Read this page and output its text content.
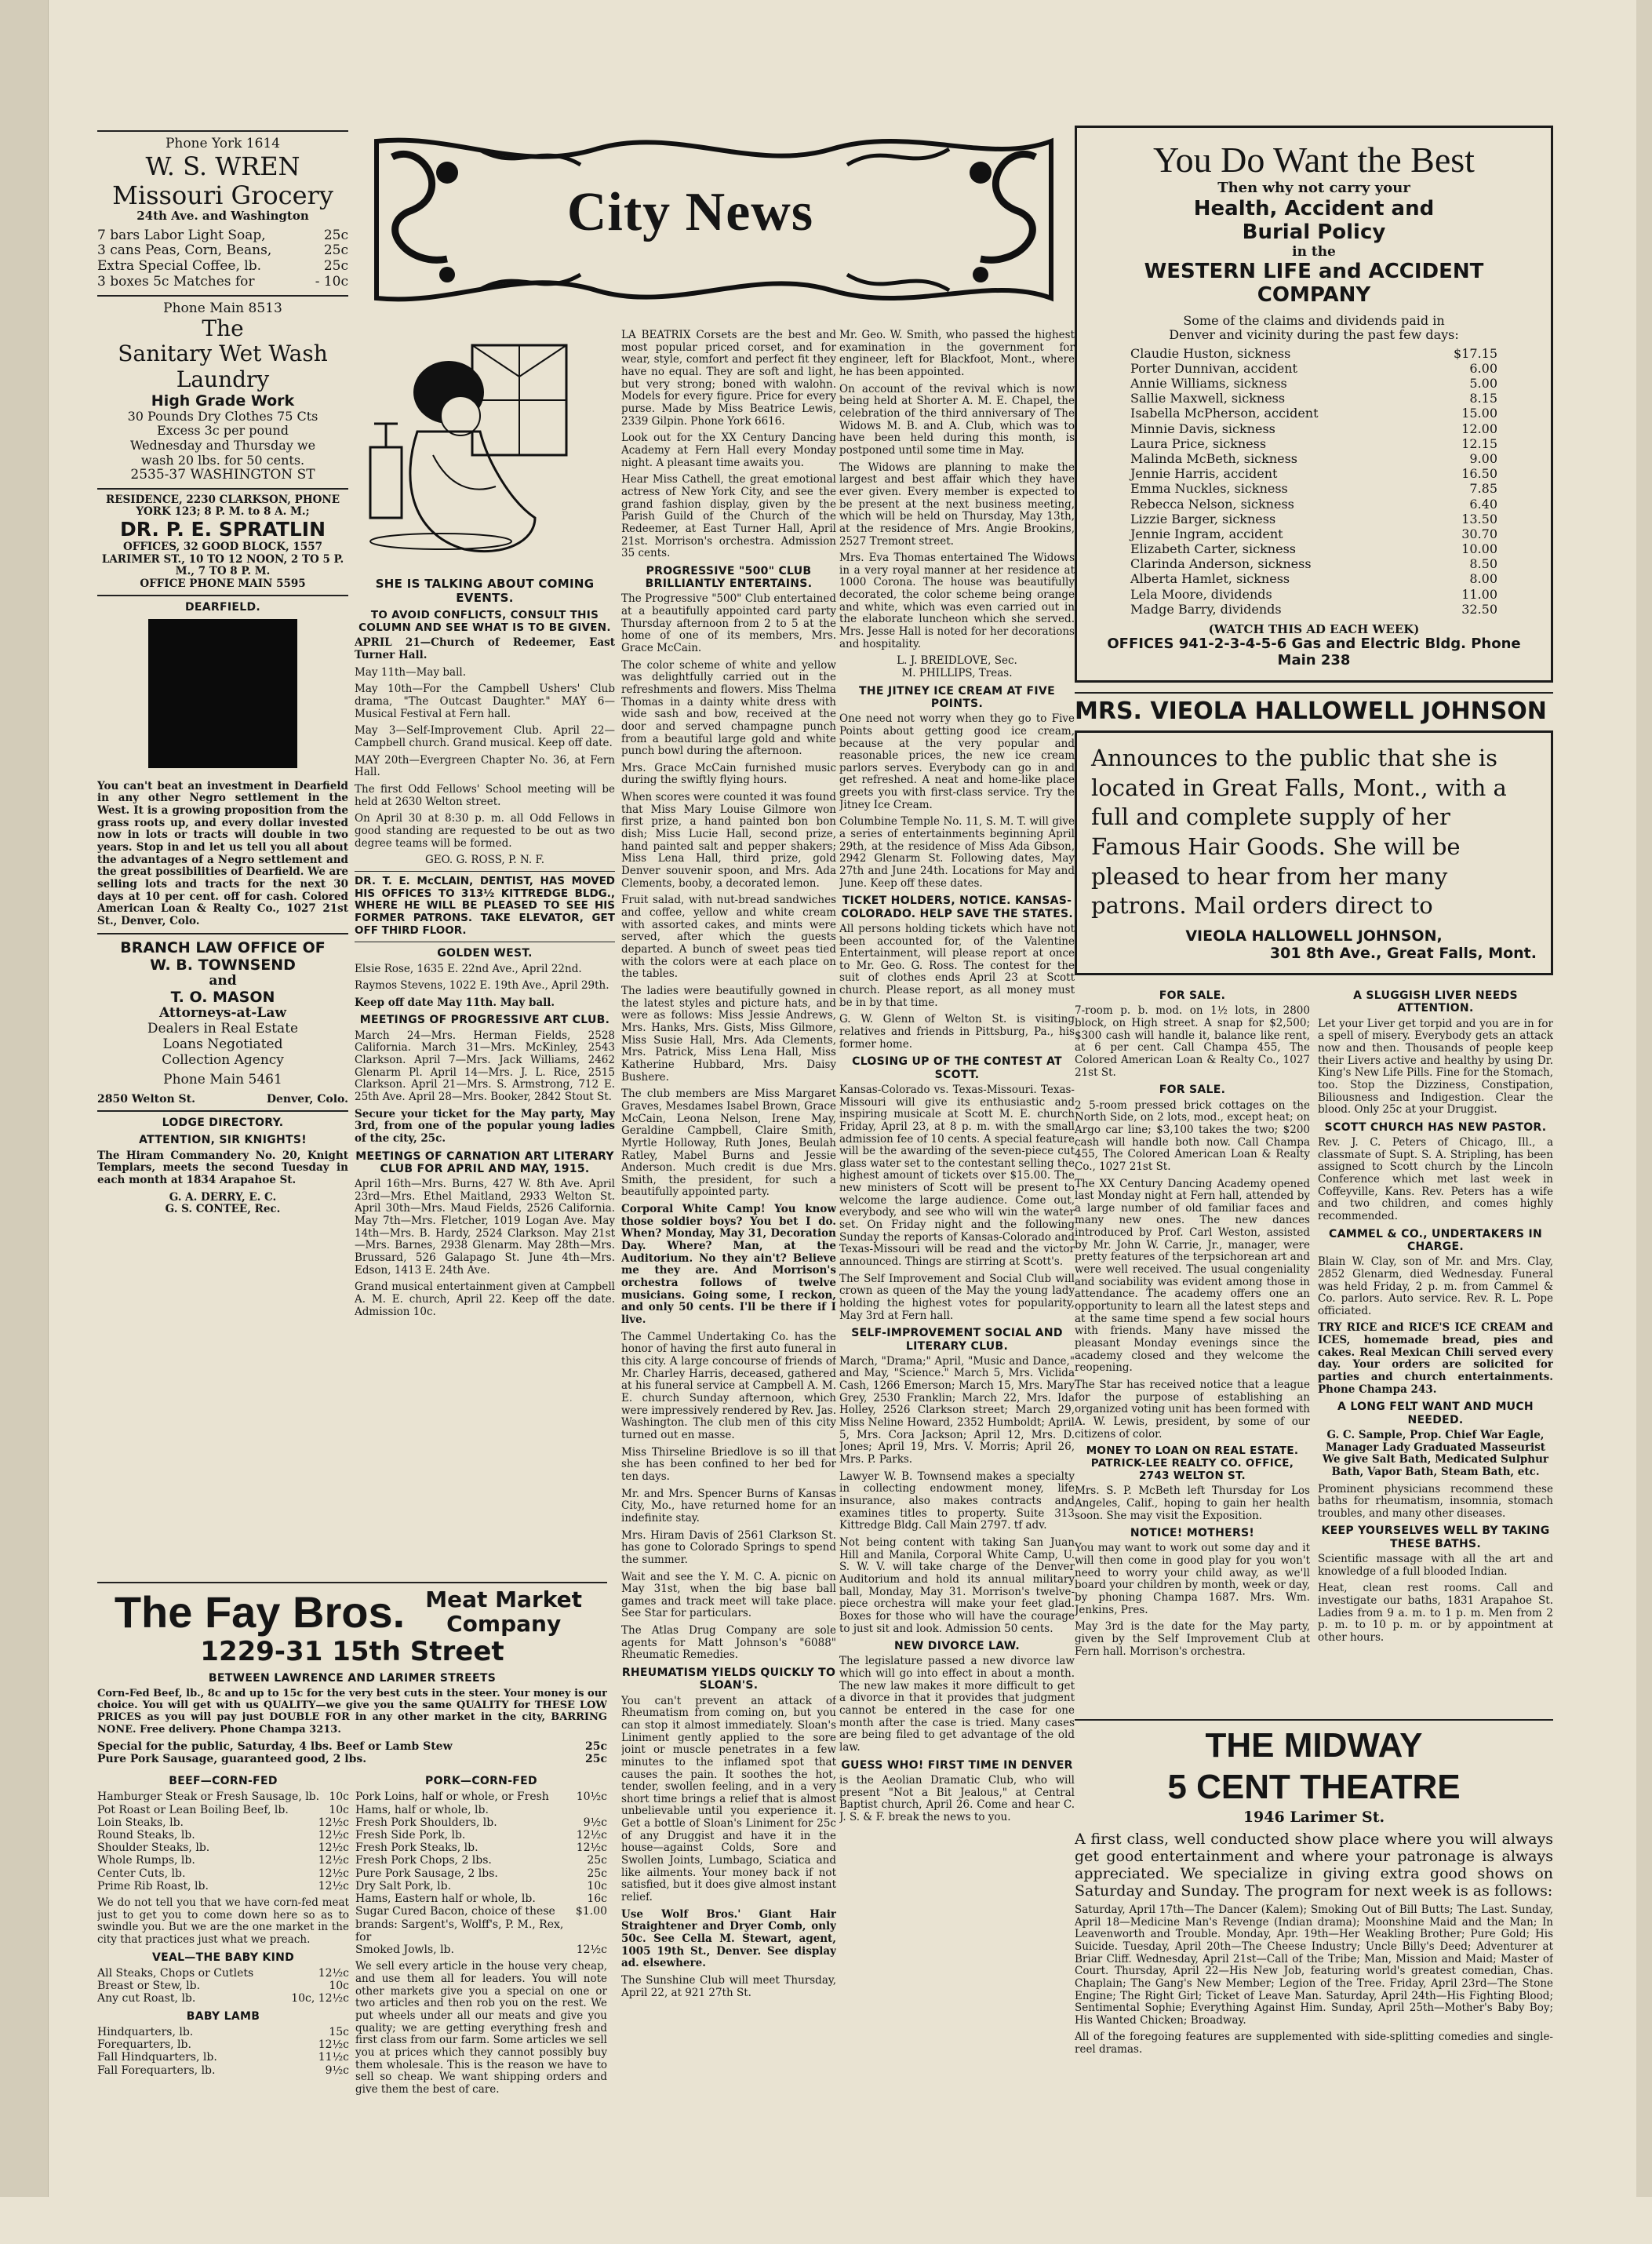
City News
Phone York 1614
W. S. WREN
Missouri Grocery
24th Ave. and Washington
7 bars Labor Light Soap,	25c
3 cans Peas, Corn, Beans,	25c
Extra Special Coffee, lb.	25c
3 boxes 5c Matches for	- 10c
Phone Main 8513
The
Sanitary Wet Wash
Laundry
High Grade Work
30 Pounds Dry Clothes 75 Cts
Excess 3c per pound
Wednesday and Thursday we
wash 20 lbs. for 50 cents.
2535-37 WASHINGTON ST
RESIDENCE, 2230 CLARKSON, PHONE YORK 123; 8 P. M. to 8 A. M.;
DR. P. E. SPRATLIN
OFFICES, 32 GOOD BLOCK, 1557 LARIMER ST., 10 TO 12 NOON, 2 TO 5 P. M., 7 TO 8 P. M.
OFFICE PHONE MAIN 5595
DEARFIELD.
You can't beat an investment in Dearfield in any other Negro settlement in the West. It is a growing proposition from the grass roots up, and every dollar invested now in lots or tracts will double in two years. Stop in and let us tell you all about the advantages of a Negro settlement and the great possibilities of Dearfield. We are selling lots and tracts for the next 30 days at 10 per cent. off for cash. Colored American Loan & Realty Co., 1027 21st St., Denver, Colo.
BRANCH LAW OFFICE OF
W. B. TOWNSEND
and
T. O. MASON
Attorneys-at-Law
Dealers in Real Estate
Loans Negotiated
Collection Agency
Phone Main 5461
2850 Welton St.	Denver, Colo.
LODGE DIRECTORY.
ATTENTION, SIR KNIGHTS!
The Hiram Commandery No. 20, Knight Templars, meets the second Tuesday in each month at 1834 Arapahoe St.
G. A. DERRY, E. C.
G. S. CONTEE, Rec.
SHE IS TALKING ABOUT COMING EVENTS.
TO AVOID CONFLICTS, CONSULT THIS COLUMN AND SEE WHAT IS TO BE GIVEN.
APRIL 21—Church of Redeemer, East Turner Hall.
May 11th—May ball.
May 10th—For the Campbell Ushers' Club drama, "The Outcast Daughter." MAY 6—Musical Festival at Fern hall.
May 3—Self-Improvement Club. April 22—Campbell church. Grand musical. Keep off date.
MAY 20th—Evergreen Chapter No. 36, at Fern Hall.
The first Odd Fellows' School meeting will be held at 2630 Welton street.
On April 30 at 8:30 p. m. all Odd Fellows in good standing are requested to be out as two degree teams will be formed.
GEO. G. ROSS, P. N. F.
DR. T. E. McCLAIN, DENTIST, HAS MOVED HIS OFFICES TO 313½ KITTREDGE BLDG., WHERE HE WILL BE PLEASED TO SEE HIS FORMER PATRONS. TAKE ELEVATOR, GET OFF THIRD FLOOR.
GOLDEN WEST.
Elsie Rose, 1635 E. 22nd Ave., April 22nd.
Raymos Stevens, 1022 E. 19th Ave., April 29th.
Keep off date May 11th. May ball.
MEETINGS OF PROGRESSIVE ART CLUB.
March 24—Mrs. Herman Fields, 2528 California. March 31—Mrs. McKinley, 2543 Clarkson. April 7—Mrs. Jack Williams, 2462 Glenarm Pl. April 14—Mrs. J. L. Rice, 2515 Clarkson. April 21—Mrs. S. Armstrong, 712 E. 25th Ave. April 28—Mrs. Booker, 2842 Stout St.
Secure your ticket for the May party, May 3rd, from one of the popular young ladies of the city, 25c.
MEETINGS OF CARNATION ART LITERARY CLUB FOR APRIL AND MAY, 1915.
April 16th—Mrs. Burns, 427 W. 8th Ave. April 23rd—Mrs. Ethel Maitland, 2933 Welton St. April 30th—Mrs. Maud Fields, 2526 California. May 7th—Mrs. Fletcher, 1019 Logan Ave. May 14th—Mrs. B. Hardy, 2524 Clarkson. May 21st—Mrs. Barnes, 2938 Glenarm. May 28th—Mrs. Brussard, 526 Galapago St. June 4th—Mrs. Edson, 1413 E. 24th Ave.
Grand musical entertainment given at Campbell A. M. E. church, April 22. Keep off the date. Admission 10c.
LA BEATRIX Corsets are the best and most popular priced corset, and for wear, style, comfort and perfect fit they have no equal. They are soft and light, but very strong; boned with walohn. Models for every figure. Price for every purse. Made by Miss Beatrice Lewis, 2339 Gilpin. Phone York 6616.
Look out for the XX Century Dancing Academy at Fern Hall every Monday night. A pleasant time awaits you.
Hear Miss Cathell, the great emotional actress of New York City, and see the grand fashion display, given by the Parish Guild of the Church of the Redeemer, at East Turner Hall, April 21st. Morrison's orchestra. Admission 35 cents.
PROGRESSIVE "500" CLUB BRILLIANTLY ENTERTAINS.
The Progressive "500" Club entertained at a beautifully appointed card party Thursday afternoon from 2 to 5 at the home of one of its members, Mrs. Grace McCain.
The color scheme of white and yellow was delightfully carried out in the refreshments and flowers. Miss Thelma Thomas in a dainty white dress with wide sash and bow, received at the door and served champagne punch from a beautiful large gold and white punch bowl during the afternoon.
Mrs. Grace McCain furnished music during the swiftly flying hours.
When scores were counted it was found that Miss Mary Louise Gilmore won first prize, a hand painted bon bon dish; Miss Lucie Hall, second prize, hand painted salt and pepper shakers; Miss Lena Hall, third prize, gold Denver souvenir spoon, and Mrs. Ada Clements, booby, a decorated lemon.
Fruit salad, with nut-bread sandwiches and coffee, yellow and white cream with assorted cakes, and mints were served, after which the guests departed. A bunch of sweet peas tied with the colors were at each place on the tables.
The ladies were beautifully gowned in the latest styles and picture hats, and were as follows: Miss Jessie Andrews, Mrs. Hanks, Mrs. Gists, Miss Gilmore, Miss Susie Hall, Mrs. Ada Clements, Mrs. Patrick, Miss Lena Hall, Miss Katherine Hubbard, Mrs. Daisy Bushere.
The club members are Miss Margaret Graves, Mesdames Isabel Brown, Grace McCain, Leona Nelson, Irene May, Geraldine Campbell, Claire Smith, Myrtle Holloway, Ruth Jones, Beulah Ratley, Mabel Burns and Jessie Anderson. Much credit is due Mrs. Smith, the president, for such a beautifully appointed party.
Corporal White Camp! You know those soldier boys? You bet I do. When? Monday, May 31, Decoration Day. Where? Man, at the Auditorium. No they ain't? Believe me they are. And Morrison's orchestra follows of twelve musicians. Going some, I reckon, and only 50 cents. I'll be there if I live.
The Cammel Undertaking Co. has the honor of having the first auto funeral in this city. A large concourse of friends of Mr. Charley Harris, deceased, gathered at his funeral service at Campbell A. M. E. church Sunday afternoon, which were impressively rendered by Rev. Jas. Washington. The club men of this city turned out en masse.
Miss Thirseline Briedlove is so ill that she has been confined to her bed for ten days.
Mr. and Mrs. Spencer Burns of Kansas City, Mo., have returned home for an indefinite stay.
Mrs. Hiram Davis of 2561 Clarkson St. has gone to Colorado Springs to spend the summer.
Wait and see the Y. M. C. A. picnic on May 31st, when the big base ball games and track meet will take place. See Star for particulars.
The Atlas Drug Company are sole agents for Matt Johnson's "6088" Rheumatic Remedies.
RHEUMATISM YIELDS QUICKLY TO SLOAN'S.
You can't prevent an attack of Rheumatism from coming on, but you can stop it almost immediately. Sloan's Liniment gently applied to the sore joint or muscle penetrates in a few minutes to the inflamed spot that causes the pain. It soothes the hot, tender, swollen feeling, and in a very short time brings a relief that is almost unbelievable until you experience it. Get a bottle of Sloan's Liniment for 25c of any Druggist and have it in the house—against Colds, Sore and Swollen Joints, Lumbago, Sciatica and like ailments. Your money back if not satisfied, but it does give almost instant relief.
Use Wolf Bros.' Giant Hair Straightener and Dryer Comb, only 50c. See Cella M. Stewart, agent, 1005 19th St., Denver. See display ad. elsewhere.
The Sunshine Club will meet Thursday, April 22, at 921 27th St.
Mr. Geo. W. Smith, who passed the highest examination in the government for engineer, left for Blackfoot, Mont., where he has been appointed.
On account of the revival which is now being held at Shorter A. M. E. Chapel, the celebration of the third anniversary of The Widows M. B. and A. Club, which was to have been held during this month, is postponed until some time in May.
The Widows are planning to make the largest and best affair which they have ever given. Every member is expected to be present at the next business meeting, which will be held on Thursday, May 13th, at the residence of Mrs. Angie Brookins, 2527 Tremont street.
Mrs. Eva Thomas entertained The Widows in a very royal manner at her residence at 1000 Corona. The house was beautifully decorated, the color scheme being orange and white, which was even carried out in the elaborate luncheon which she served. Mrs. Jesse Hall is noted for her decorations and hospitality.
L. J. BREIDLOVE, Sec.
M. PHILLIPS, Treas.
THE JITNEY ICE CREAM AT FIVE POINTS.
One need not worry when they go to Five Points about getting good ice cream, because at the very popular and reasonable prices, the new ice cream parlors serves. Everybody can go in and get refreshed. A neat and home-like place greets you with first-class service. Try the Jitney Ice Cream.
Columbine Temple No. 11, S. M. T. will give a series of entertainments beginning April 29th, at the residence of Miss Ada Gibson, 2942 Glenarm St. Following dates, May 27th and June 24th. Locations for May and June. Keep off these dates.
TICKET HOLDERS, NOTICE. KANSAS-COLORADO. HELP SAVE THE STATES.
All persons holding tickets which have not been accounted for, of the Valentine Entertainment, will please report at once to Mr. Geo. G. Ross. The contest for the suit of clothes ends April 23 at Scott church. Please report, as all money must be in by that time.
G. W. Glenn of Welton St. is visiting relatives and friends in Pittsburg, Pa., his former home.
CLOSING UP OF THE CONTEST AT SCOTT.
Kansas-Colorado vs. Texas-Missouri. Texas-Missouri will give its enthusiastic and inspiring musicale at Scott M. E. church Friday, April 23, at 8 p. m. with the small admission fee of 10 cents. A special feature will be the awarding of the seven-piece cut glass water set to the contestant selling the highest amount of tickets over $15.00. The new ministers of Scott will be present to welcome the large audience. Come out, everybody, and see who will win the water set. On Friday night and the following Sunday the reports of Kansas-Colorado and Texas-Missouri will be read and the victor announced. Things are stirring at Scott's.
The Self Improvement and Social Club will crown as queen of the May the young lady holding the highest votes for popularity, May 3rd at Fern hall.
SELF-IMPROVEMENT SOCIAL AND LITERARY CLUB.
March, "Drama;" April, "Music and Dance," and May, "Science." March 5, Mrs. Viclida Cash, 1266 Emerson; March 15, Mrs. Mary Grey, 2530 Franklin; March 22, Mrs. Ida Holley, 2526 Clarkson street; March 29, Miss Neline Howard, 2352 Humboldt; April 5, Mrs. Cora Jackson; April 12, Mrs. D. Jones; April 19, Mrs. V. Morris; April 26, Mrs. P. Parks.
Lawyer W. B. Townsend makes a specialty in collecting endowment money, life insurance, also makes contracts and examines titles to property. Suite 313 Kittredge Bldg. Call Main 2797. tf adv.
Not being content with taking San Juan Hill and Manila, Corporal White Camp, U. S. W. V. will take charge of the Denver Auditorium and hold its annual military ball, Monday, May 31. Morrison's twelve-piece orchestra will make your feet glad. Boxes for those who will have the courage to just sit and look. Admission 50 cents.
NEW DIVORCE LAW.
The legislature passed a new divorce law which will go into effect in about a month. The new law makes it more difficult to get a divorce in that it provides that judgment cannot be entered in the case for one month after the case is tried. Many cases are being filed to get advantage of the old law.
GUESS WHO! FIRST TIME IN DENVER
is the Aeolian Dramatic Club, who will present "Not a Bit Jealous," at Central Baptist church, April 26. Come and hear C. J. S. & F. break the news to you.
You Do Want the Best
Then why not carry your
Health, Accident and
Burial Policy
in the
WESTERN LIFE and ACCIDENT COMPANY
Some of the claims and dividends paid in Denver and vicinity during the past few days:
Claudie Huston, sickness	$17.15
Porter Dunnivan, accident	6.00
Annie Williams, sickness	5.00
Sallie Maxwell, sickness	8.15
Isabella McPherson, accident	15.00
Minnie Davis, sickness	12.00
Laura Price, sickness	12.15
Malinda McBeth, sickness	9.00
Jennie Harris, accident	16.50
Emma Nuckles, sickness	7.85
Rebecca Nelson, sickness	6.40
Lizzie Barger, sickness	13.50
Jennie Ingram, accident	30.70
Elizabeth Carter, sickness	10.00
Clarinda Anderson, sickness	8.50
Alberta Hamlet, sickness	8.00
Lela Moore, dividends	11.00
Madge Barry, dividends	32.50
(WATCH THIS AD EACH WEEK)
OFFICES 941-2-3-4-5-6 Gas and Electric Bldg. Phone Main 238
MRS. VIEOLA HALLOWELL JOHNSON
Announces to the public that she is located in Great Falls, Mont., with a full and complete supply of her Famous Hair Goods. She will be pleased to hear from her many patrons. Mail orders direct to
VIEOLA HALLOWELL JOHNSON,
301 8th Ave., Great Falls, Mont.
FOR SALE.
7-room p. b. mod. on 1½ lots, in 2800 block, on High street. A snap for $2,500; $300 cash will handle it, balance like rent, at 6 per cent. Call Champa 455, The Colored American Loan & Realty Co., 1027 21st St.
FOR SALE.
2 5-room pressed brick cottages on the North Side, on 2 lots, mod., except heat; on Argo car line; $3,100 takes the two; $200 cash will handle both now. Call Champa 455, The Colored American Loan & Realty Co., 1027 21st St.
The XX Century Dancing Academy opened last Monday night at Fern hall, attended by a large number of old familiar faces and many new ones. The new dances introduced by Prof. Carl Weston, assisted by Mr. John W. Carrie, Jr., manager, were pretty features of the terpsichorean art and were well received. The usual congeniality and sociability was evident among those in attendance. The academy offers one an opportunity to learn all the latest steps and at the same time spend a few social hours with friends. Many have missed the pleasant Monday evenings since the academy closed and they welcome the reopening.
The Star has received notice that a league for the purpose of establishing an organized voting unit has been formed with A. W. Lewis, president, by some of our citizens of color.
MONEY TO LOAN ON REAL ESTATE. PATRICK-LEE REALTY CO. OFFICE, 2743 WELTON ST.
Mrs. S. P. McBeth left Thursday for Los Angeles, Calif., hoping to gain her health soon. She may visit the Exposition.
NOTICE! MOTHERS!
You may want to work out some day and it will then come in good play for you won't need to worry your child away, as we'll board your children by month, week or day, by phoning Champa 1687. Mrs. Wm. Jenkins, Pres.
May 3rd is the date for the May party, given by the Self Improvement Club at Fern hall. Morrison's orchestra.
A SLUGGISH LIVER NEEDS ATTENTION.
Let your Liver get torpid and you are in for a spell of misery. Everybody gets an attack now and then. Thousands of people keep their Livers active and healthy by using Dr. King's New Life Pills. Fine for the Stomach, too. Stop the Dizziness, Constipation, Biliousness and Indigestion. Clear the blood. Only 25c at your Druggist.
SCOTT CHURCH HAS NEW PASTOR.
Rev. J. C. Peters of Chicago, Ill., a classmate of Supt. S. A. Stripling, has been assigned to Scott church by the Lincoln Conference which met last week in Coffeyville, Kans. Rev. Peters has a wife and two children, and comes highly recommended.
CAMMEL & CO., UNDERTAKERS IN CHARGE.
Blain W. Clay, son of Mr. and Mrs. Clay, 2852 Glenarm, died Wednesday. Funeral was held Friday, 2 p. m. from Cammel & Co. parlors. Auto service. Rev. R. L. Pope officiated.
TRY RICE and RICE'S ICE CREAM and ICES, homemade bread, pies and cakes. Real Mexican Chili served every day. Your orders are solicited for parties and church entertainments. Phone Champa 243.
A LONG FELT WANT AND MUCH NEEDED.
G. C. Sample, Prop. Chief War Eagle, Manager Lady Graduated Masseurist We give Salt Bath, Medicated Sulphur Bath, Vapor Bath, Steam Bath, etc.
Prominent physicians recommend these baths for rheumatism, insomnia, stomach troubles, and many other diseases.
KEEP YOURSELVES WELL BY TAKING THESE BATHS.
Scientific massage with all the art and knowledge of a full blooded Indian.
Heat, clean rest rooms. Call and investigate our baths, 1831 Arapahoe St. Ladies from 9 a. m. to 1 p. m. Men from 2 p. m. to 10 p. m. or by appointment at other hours.
THE MIDWAY
5 CENT THEATRE
1946 Larimer St.
A first class, well conducted show place where you will always get good entertainment and where your patronage is always appreciated. We specialize in giving extra good shows on Saturday and Sunday. The program for next week is as follows:
Saturday, April 17th—The Dancer (Kalem); Smoking Out of Bill Butts; The Last. Sunday, April 18—Medicine Man's Revenge (Indian drama); Moonshine Maid and the Man; In Leavenworth and Trouble. Monday, Apr. 19th—Her Weakling Brother; Pure Gold; His Suicide. Tuesday, April 20th—The Cheese Industry; Uncle Billy's Deed; Adventurer at Briar Cliff. Wednesday, April 21st—Call of the Tribe; Man, Mission and Maid; Master of Court. Thursday, April 22—His New Job, featuring world's greatest comedian, Chas. Chaplain; The Gang's New Member; Legion of the Tree. Friday, April 23rd—The Stone Engine; The Right Girl; Ticket of Leave Man. Saturday, April 24th—His Fighting Blood; Sentimental Sophie; Everything Against Him. Sunday, April 25th—Mother's Baby Boy; His Wanted Chicken; Broadway.
All of the foregoing features are supplemented with side-splitting comedies and single-reel dramas.
The Fay Bros. Meat Market Company
1229-31 15th Street
BETWEEN LAWRENCE AND LARIMER STREETS
Corn-Fed Beef, lb., 8c and up to 15c for the very best cuts in the steer. Your money is our choice. You will get with us QUALITY—we give you the same QUALITY for THESE LOW PRICES as you will pay just DOUBLE FOR in any other market in the city, BARRING NONE. Free delivery. Phone Champa 3213.
Special for the public, Saturday, 4 lbs. Beef or Lamb Stew	25c
Pure Pork Sausage, guaranteed good, 2 lbs.	25c
BEEF—CORN-FED
Hamburger Steak or Fresh Sausage, lb. 10c
Pot Roast or Lean Boiling Beef, lb.	10c
Loin Steaks, lb.	12½c
Round Steaks, lb.	12½c
Shoulder Steaks, lb.	12½c
Whole Rumps, lb.	12½c
Center Cuts, lb.	12½c
Prime Rib Roast, lb.	12½c
We do not tell you that we have corn-fed meat just to get you to come down here so as to swindle you. But we are the one market in the city that practices just what we preach.
VEAL—THE BABY KIND
All Steaks, Chops or Cutlets	12½c
Breast or Stew, lb.	10c
Any cut Roast, lb.	10c, 12½c
BABY LAMB
Hindquarters, lb.	15c
Forequarters, lb.	12½c
Fall Hindquarters, lb.	11½c
Fall Forequarters, lb.	9½c
PORK—CORN-FED
Pork Loins, half or whole, or Fresh Hams, half or whole, lb.
10½c
Fresh Pork Shoulders, lb.	9½c
Fresh Side Pork, lb.	12½c
Fresh Pork Steaks, lb.	12½c
Fresh Pork Chops, 2 lbs.	25c
Pure Pork Sausage, 2 lbs.	25c
Dry Salt Pork, lb.	10c
Hams, Eastern half or whole, lb.	16c
Sugar Cured Bacon, choice of these brands: Sargent's, Wolff's, P. M., Rex, for
$1.00
Smoked Jowls, lb.	12½c
We sell every article in the house very cheap, and use them all for leaders. You will note other markets give you a special on one or two articles and then rob you on the rest. We put wheels under all our meats and give you quality; we are getting everything fresh and first class from our farm. Some articles we sell you at prices which they cannot possibly buy them wholesale. This is the reason we have to sell so cheap. We want shipping orders and give them the best of care.
